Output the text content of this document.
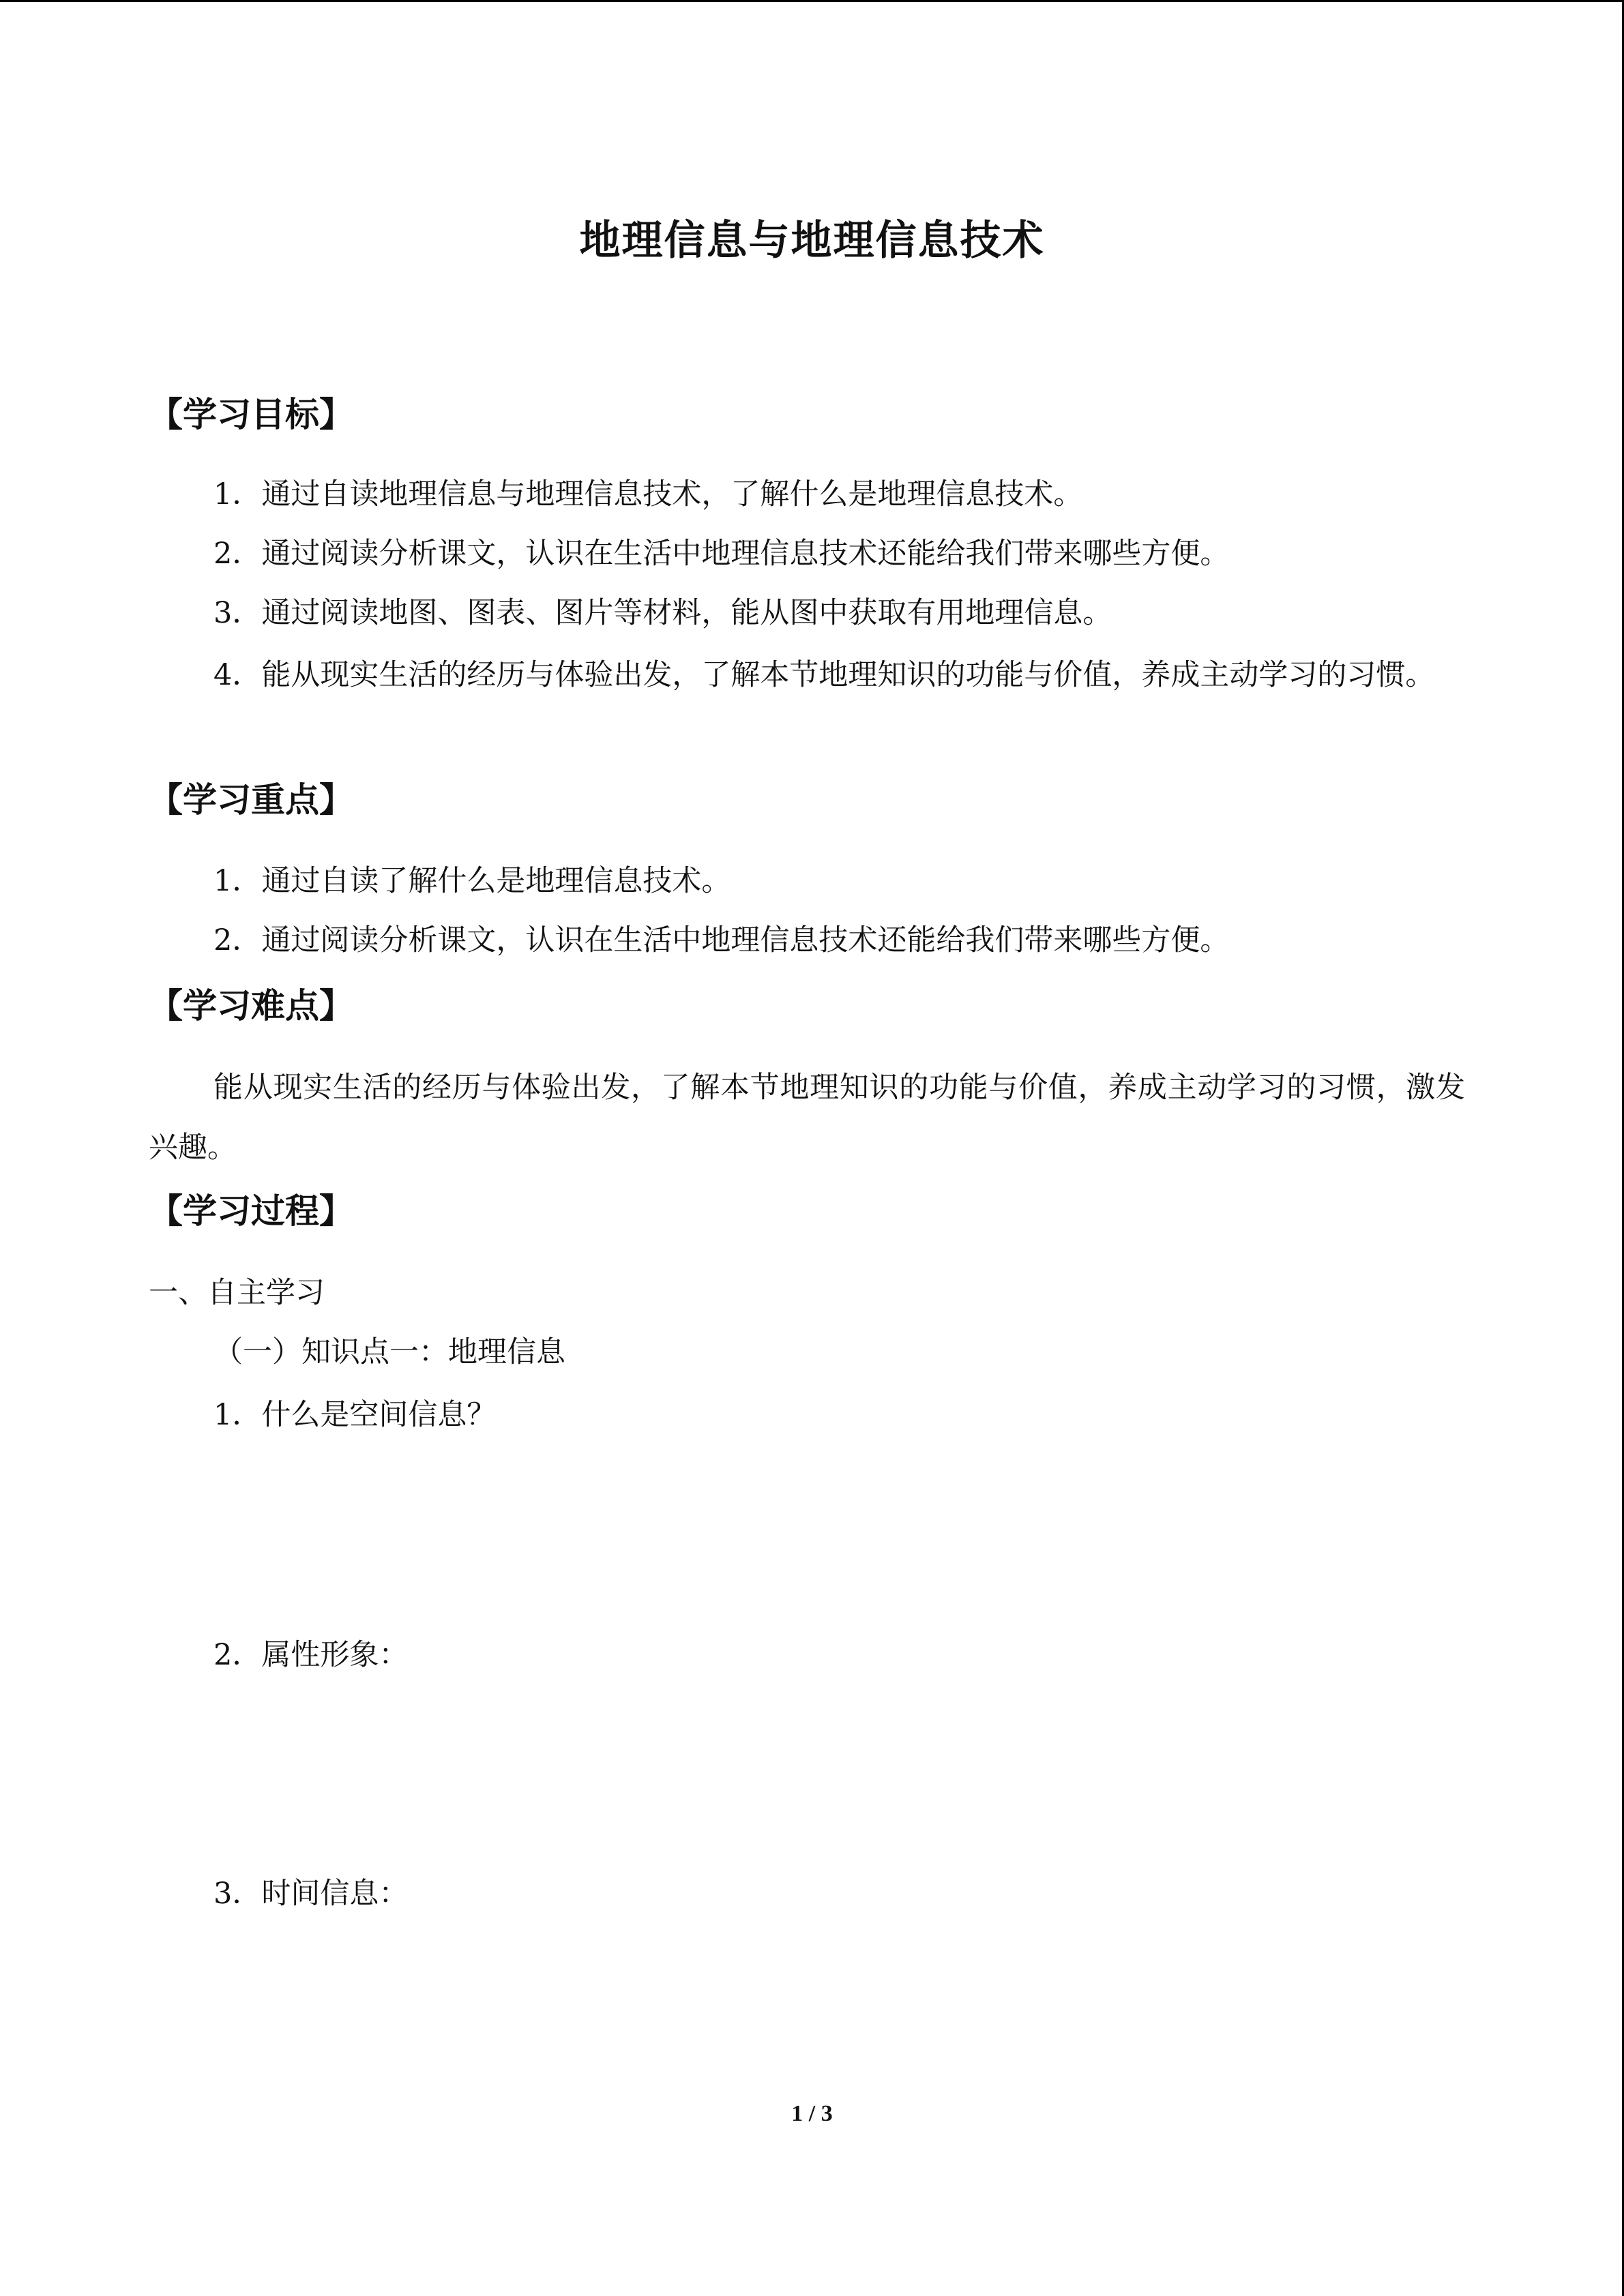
地理信息与地理信息技术
【学习目标】
1．通过自读地理信息与地理信息技术，了解什么是地理信息技术。
2．通过阅读分析课文，认识在生活中地理信息技术还能给我们带来哪些方便。
3．通过阅读地图、图表、图片等材料，能从图中获取有用地理信息。
4．能从现实生活的经历与体验出发，了解本节地理知识的功能与价值，养成主动学习的习惯。
【学习重点】
1．通过自读了解什么是地理信息技术。
2．通过阅读分析课文，认识在生活中地理信息技术还能给我们带来哪些方便。
【学习难点】
能从现实生活的经历与体验出发，了解本节地理知识的功能与价值，养成主动学习的习惯，激发兴趣。
【学习过程】
一、自主学习
（一）知识点一：地理信息
1．什么是空间信息？
2．属性形象：
3．时间信息：
1 / 3
